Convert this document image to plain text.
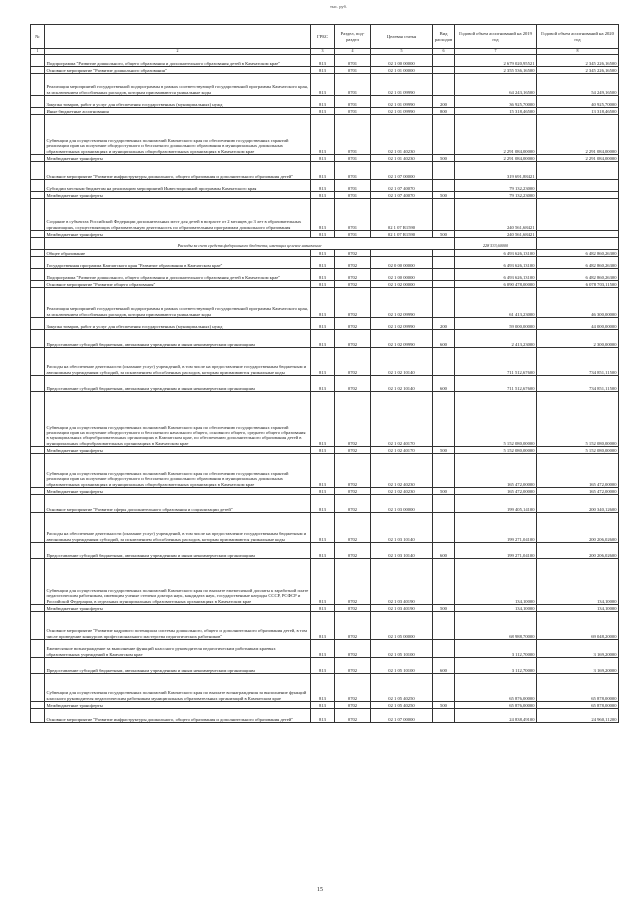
тыс. руб.
№		ГРБС	Раздел, под-раздел	Целевая статья	Вид расходов	Годовой объем ассигнований на 2019 год	Годовой объем ассигнований на 2020 год
1	2	3	4	5	6	7	8
	Подпрограмма "Развитие дошкольного, общего образования и дополнительного образования детей в Камчатском крае"	813	0701	02 1 00 00000		2 679 020,95521	2 345 226,16500
	Основное мероприятие "Развитие дошкольного образования"	813	0701	02 1 01 00000		2 355 536,16500	2 345 226,16500
	Реализация мероприятий государственной подпрограммы в рамках соответствующей государственной программы Камчатского края, за исключением обособленных расходов, которым присваиваются уникальные коды	813	0701	02 1 01 09990		64 243,16500	54 249,16500
	Закупка товаров, работ и услуг для обеспечения государственных (муниципальных) нужд	813	0701	02 1 01 09990	200	36 925,70000	40 925,70000
	Иные бюджетные ассигнования	813	0701	02 1 01 09990	800	15 318,46500	13 318,46500
	Субвенции для осуществления государственных полномочий Камчатского края по обеспечению государственных гарантий реализации прав на получение общедоступного и бесплатного дошкольного образования в муниципальных дошкольных образовательных организациях и муниципальных общеобразовательных организациях в Камчатском крае	813	0701	02 1 01 40230		2 291 084,00000	2 291 084,00000
	Межбюджетные трансферты	813	0701	02 1 01 40230	500	2 291 084,00000	2 291 084,00000
	Основное мероприятие "Развитие инфраструктуры дошкольного, общего образования и дополнительного образования детей"	813	0701	02 1 07 00000		319 691,88421	
	Субсидии местным бюджетам на реализацию мероприятий Инвестиционной программы Камчатского края	813	0701	02 1 07 40070		79 132,23000	
	Межбюджетные трансферты	813	0701	02 1 07 40070	500	79 132,23000	
	Создание в субъектах Российской Федерации дополнительных мест для детей в возрасте от 2 месяцев до 3 лет в образовательных организациях, осуществляющих образовательную деятельность по образовательным программам дошкольного образования	813	0701	02 1 07 R1590		240 561,68421	
	Межбюджетные трансферты	813	0701	02 1 07 R1590	500	240 561,68421	
	Расходы за счет средств федерального бюджета, имеющих целевое назначение					228 533,60000	
	Общее образование	813	0702			6 493 626,13100	6 482 860,26300
	Государственная программа Камчатского края "Развитие образования в Камчатском крае"	813	0702	02 0 00 00000		6 493 626,13100	6 482 860,26300
	Подпрограмма "Развитие дошкольного, общего образования и дополнительного образования детей в Камчатском крае"	813	0702	02 1 00 00000		6 493 626,13100	6 482 860,26300
	Основное мероприятие "Развитие общего образования"	813	0702	02 1 02 00000		6 090 478,00000	6 078 703,11500
	Реализация мероприятий государственной подпрограммы в рамках соответствующей государственной программы Камчатского края, за исключением обособленных расходов, которым присваиваются уникальные коды	813	0702	02 1 02 09990		61 413,23000	46 300,00000
	Закупка товаров, работ и услуг для обеспечения государственных (муниципальных) нужд	813	0702	02 1 02 09990	200	59 000,00000	44 000,00000
	Предоставление субсидий бюджетным, автономным учреждениям и иным некоммерческим организациям	813	0702	02 1 02 09990	600	2 413,23000	2 300,00000
	Расходы на обеспечение деятельности (оказание услуг) учреждений, в том числе на предоставление государственным бюджетным и автономным учреждениям субсидий, за исключением обособленных расходов, которым присваиваются уникальные коды	813	0702	02 1 02 10140		711 512,67600	734 851,11500
	Предоставление субсидий бюджетным, автономным учреждениям и иным некоммерческим организациям	813	0702	02 1 02 10140	600	711 512,67600	734 851,11500
	Субвенции для осуществления государственных полномочий Камчатского края по обеспечению государственных гарантий реализации прав на получение общедоступного и бесплатного начального общего, основного общего, среднего общего образования в муниципальных общеобразовательных организациях в Камчатском крае, по обеспечению дополнительного образования детей в муниципальных общеобразовательных организациях в Камчатском крае	813	0702	02 1 02 40170		5 152 080,00000	5 152 080,00000
	Межбюджетные трансферты	813	0702	02 1 02 40170	500	5 152 080,00000	5 152 080,00000
	Субвенции для осуществления государственных полномочий Камчатского края по обеспечению государственных гарантий реализации прав на получение общедоступного и бесплатного дошкольного образования в муниципальных дошкольных образовательных организациях и муниципальных общеобразовательных организациях в Камчатском крае	813	0702	02 1 02 40230		165 472,00000	165 472,00000
	Межбюджетные трансферты	813	0702	02 1 02 40230	500	165 472,00000	165 472,00000
	Основное мероприятие "Развитие сферы дополнительного образования и социализации детей"	813	0702	02 1 03 00000		199 405,14100	200 340,12600
	Расходы на обеспечение деятельности (оказание услуг) учреждений, в том числе на предоставление государственным бюджетным и автономным учреждениям субсидий, за исключением обособленных расходов, которым присваиваются уникальные коды	813	0702	02 1 03 10140		199 271,04100	200 206,02600
	Предоставление субсидий бюджетным, автономным учреждениям и иным некоммерческим организациям	813	0702	02 1 03 10140	600	199 271,04100	200 206,02600
	Субвенции для осуществления государственных полномочий Камчатского края по выплате ежемесячной доплаты к заработной плате педагогическим работникам, имеющим ученые степени доктора наук, кандидата наук, государственные награды СССР, РСФСР и Российской Федерации, в отдельных муниципальных образовательных организациях в Камчатском крае	813	0702	02 1 03 40190		134,10000	134,10000
	Межбюджетные трансферты	813	0702	02 1 03 40190	500	134,10000	134,10000
	Основное мероприятие "Развитие кадрового потенциала системы дошкольного, общего и дополнительного образования детей, в том числе проведение конкурсов профессионального мастерства педагогических работников"	813	0702	02 1 05 00000		68 988,70000	69 048,20000
	Ежемесячное вознаграждение за выполнение функций классного руководителя педагогическим работникам краевых образовательных учреждений в Камчатском крае	813	0702	02 1 05 10100		3 112,70000	3 169,20000
	Предоставление субсидий бюджетным, автономным учреждениям и иным некоммерческим организациям	813	0702	02 1 05 10100	600	3 112,70000	3 169,20000
	Субвенции для осуществления государственных полномочий Камчатского края по выплате вознаграждения за выполнение функций классного руководителя педагогическим работникам муниципальных образовательных организаций в Камчатском крае	813	0702	02 1 05 40250		65 876,00000	65 878,00000
	Межбюджетные трансферты	813	0702	02 1 05 40250	500	65 876,00000	65 878,00000
	Основное мероприятие "Развитие инфраструктуры дошкольного, общего образования и дополнительного образования детей"	813	0702	02 1 07 00000		24 838,49100	24 960,11200
15
